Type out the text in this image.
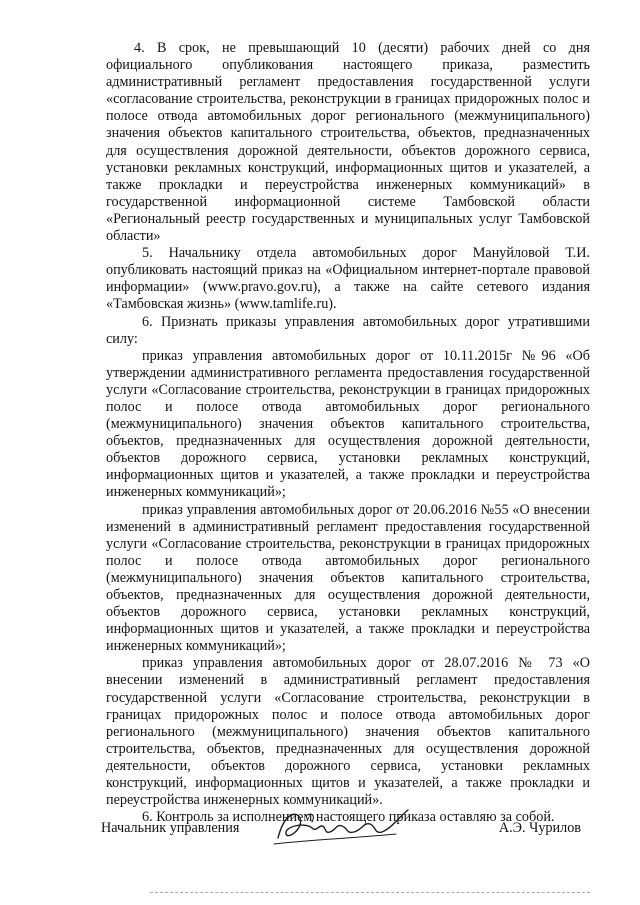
4. В срок, не превышающий 10 (десяти) рабочих дней со дня официального опубликования настоящего приказа, разместить административный регламент предоставления государственной услуги «согласование строительства, реконструкции в границах придорожных полос и полосе отвода автомобильных дорог регионального (межмуниципального) значения объектов капитального строительства, объектов, предназначенных для осуществления дорожной деятельности, объектов дорожного сервиса, установки рекламных конструкций, информационных щитов и указателей, а также прокладки и переустройства инженерных коммуникаций» в государственной информационной системе Тамбовской области «Региональный реестр государственных и муниципальных услуг Тамбовской области»

5. Начальнику отдела автомобильных дорог Мануйловой Т.И. опубликовать настоящий приказ на «Официальном интернет-портале правовой информации» (www.pravo.gov.ru), а также на сайте сетевого издания «Тамбовская жизнь» (www.tamlife.ru).

6. Признать приказы управления автомобильных дорог утратившими силу:

приказ управления автомобильных дорог от 10.11.2015г №96 «Об утверждении административного регламента предоставления государственной услуги «Согласование строительства, реконструкции в границах придорожных полос и полосе отвода автомобильных дорог регионального (межмуниципального) значения объектов капитального строительства, объектов, предназначенных для осуществления дорожной деятельности, объектов дорожного сервиса, установки рекламных конструкций, информационных щитов и указателей, а также прокладки и переустройства инженерных коммуникаций»;

приказ управления автомобильных дорог от 20.06.2016 №55 «О внесении изменений в административный регламент предоставления государственной услуги «Согласование строительства, реконструкции в границах придорожных полос и полосе отвода автомобильных дорог регионального (межмуниципального) значения объектов капитального строительства, объектов, предназначенных для осуществления дорожной деятельности, объектов дорожного сервиса, установки рекламных конструкций, информационных щитов и указателей, а также прокладки и переустройства инженерных коммуникаций»;

приказ управления автомобильных дорог от 28.07.2016 № 73 «О внесении изменений в административный регламент предоставления государственной услуги «Согласование строительства, реконструкции в границах придорожных полос и полосе отвода автомобильных дорог регионального (межмуниципального) значения объектов капитального строительства, объектов, предназначенных для осуществления дорожной деятельности, объектов дорожного сервиса, установки рекламных конструкций, информационных щитов и указателей, а также прокладки и переустройства инженерных коммуникаций».

6. Контроль за исполнением настоящего приказа оставляю за собой.

Начальник управления	А.Э. Чурилов
